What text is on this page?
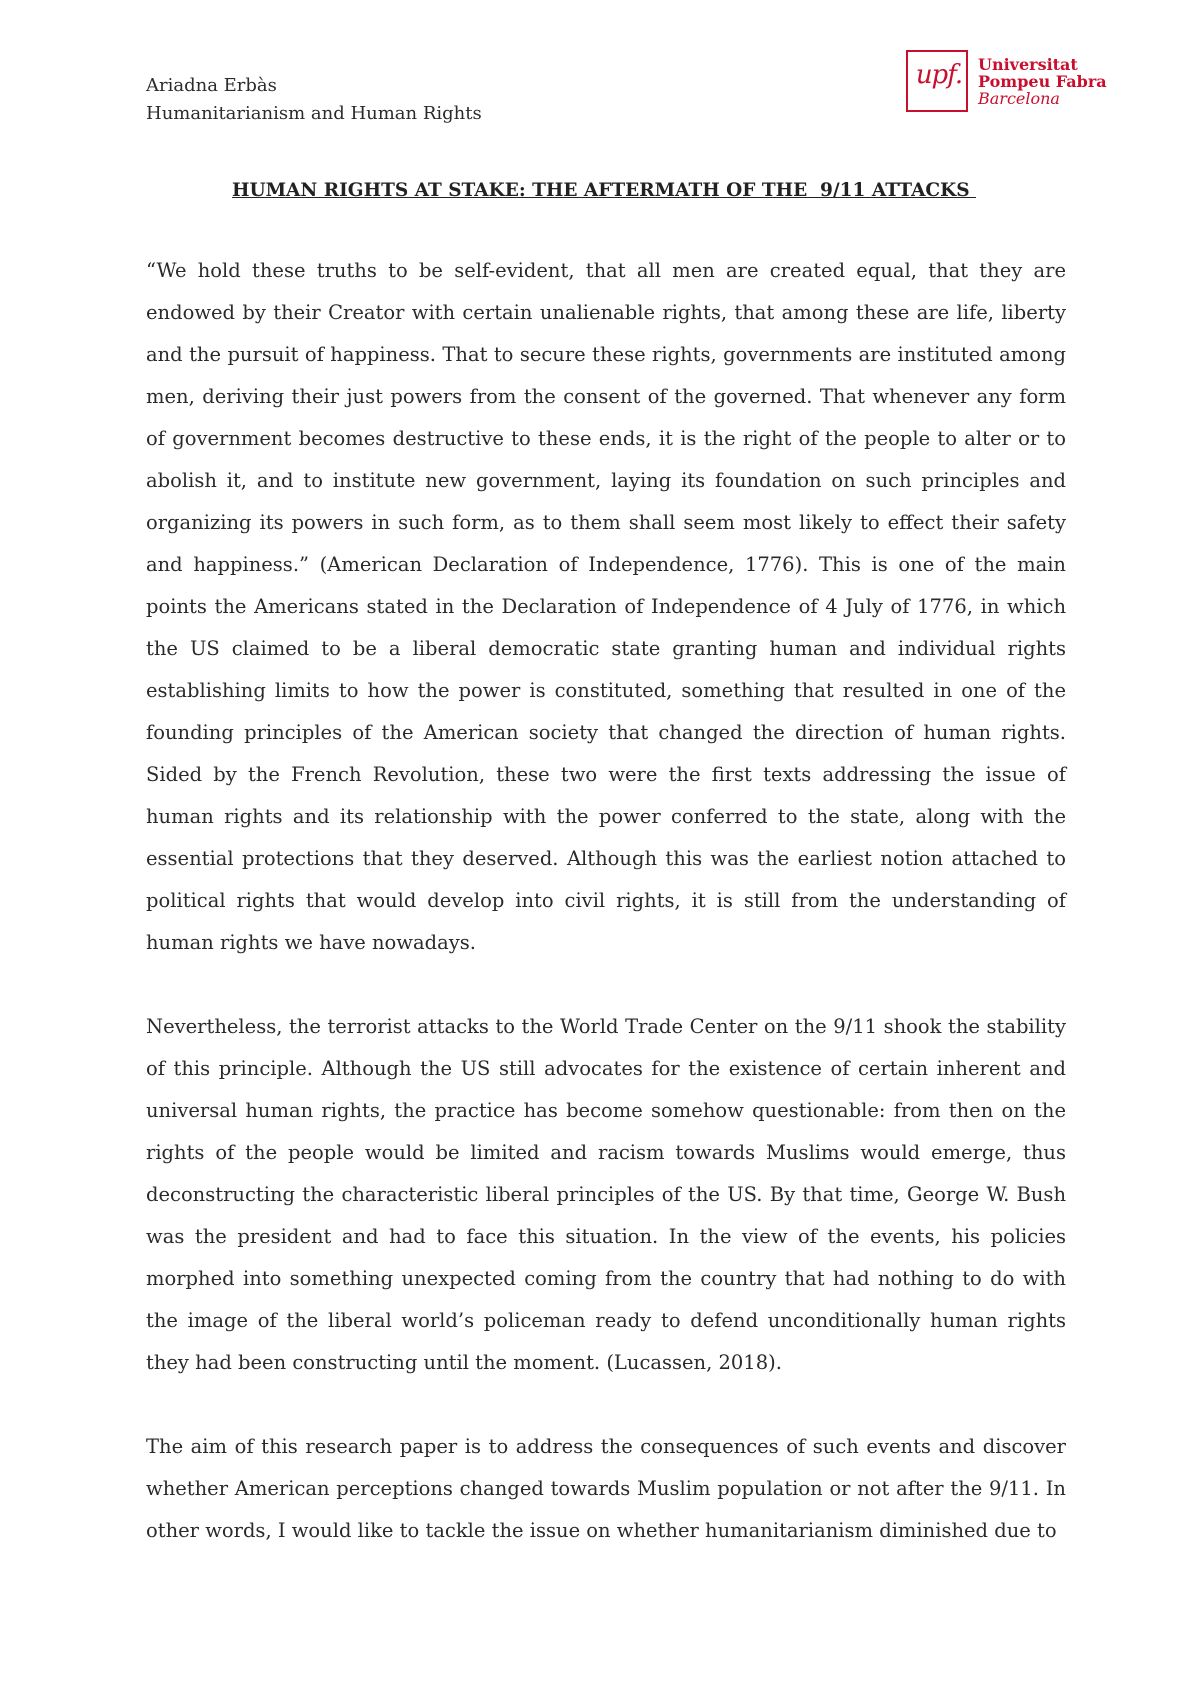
Ariadna Erbàs
Humanitarianism and Human Rights
upf. Universitat
Pompeu Fabra
Barcelona
HUMAN RIGHTS AT STAKE: THE AFTERMATH OF THE  9/11 ATTACKS

“We hold these truths to be self-evident, that all men are created equal, that they are endowed by their Creator with certain unalienable rights, that among these are life, liberty and the pursuit of happiness. That to secure these rights, governments are instituted among men, deriving their just powers from the consent of the governed. That whenever any form of government becomes destructive to these ends, it is the right of the people to alter or to abolish it, and to institute new government, laying its foundation on such principles and organizing its powers in such form, as to them shall seem most likely to effect their safety and happiness.” (American Declaration of Independence, 1776). This is one of the main points the Americans stated in the Declaration of Independence of 4 July of 1776, in which the US claimed to be a liberal democratic state granting human and individual rights establishing limits to how the power is constituted, something that resulted in one of the founding principles of the American society that changed the direction of human rights. Sided by the French Revolution, these two were the first texts addressing the issue of human rights and its relationship with the power conferred to the state, along with the essential protections that they deserved. Although this was the earliest notion attached to political rights that would develop into civil rights, it is still from the understanding of human rights we have nowadays.

Nevertheless, the terrorist attacks to the World Trade Center on the 9/11 shook the stability of this principle. Although the US still advocates for the existence of certain inherent and universal human rights, the practice has become somehow questionable: from then on the rights of the people would be limited and racism towards Muslims would emerge, thus deconstructing the characteristic liberal principles of the US. By that time, George W. Bush was the president and had to face this situation. In the view of the events, his policies morphed into something unexpected coming from the country that had nothing to do with the image of the liberal world’s policeman ready to defend unconditionally human rights they had been constructing until the moment. (Lucassen, 2018).

The aim of this research paper is to address the consequences of such events and discover whether American perceptions changed towards Muslim population or not after the 9/11. In other words, I would like to tackle the issue on whether humanitarianism diminished due to
